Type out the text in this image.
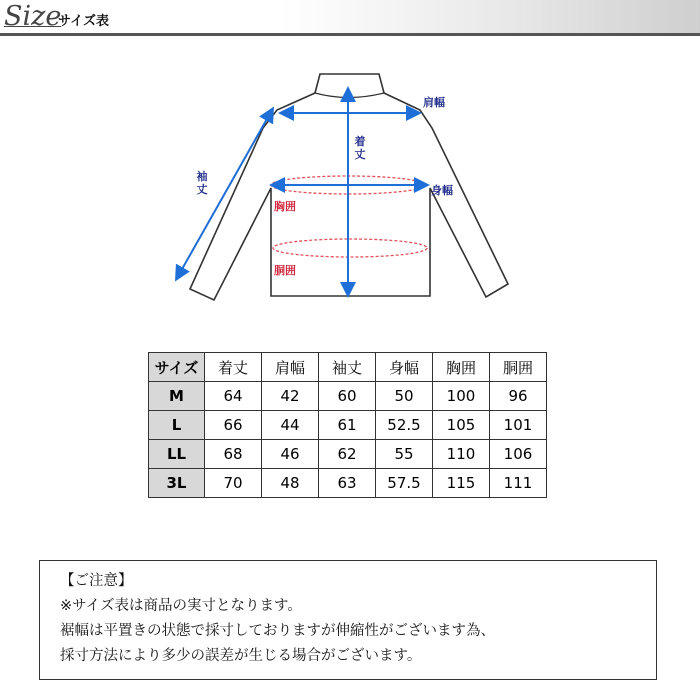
Size
サイズ表
肩幅
着丈
袖丈	身幅
胸囲
胴囲
サイズ	着丈	肩幅	袖丈	身幅	胸囲	胴囲
M	64	42	60	50	100	96
L	66	44	61	52.5	105	101
LL	68	46	62	55	110	106
3L	70	48	63	57.5	115	111
【ご注意】
※サイズ表は商品の実寸となります。
裾幅は平置きの状態で採寸しておりますが伸縮性がございます為、
採寸方法により多少の誤差が生じる場合がございます。
